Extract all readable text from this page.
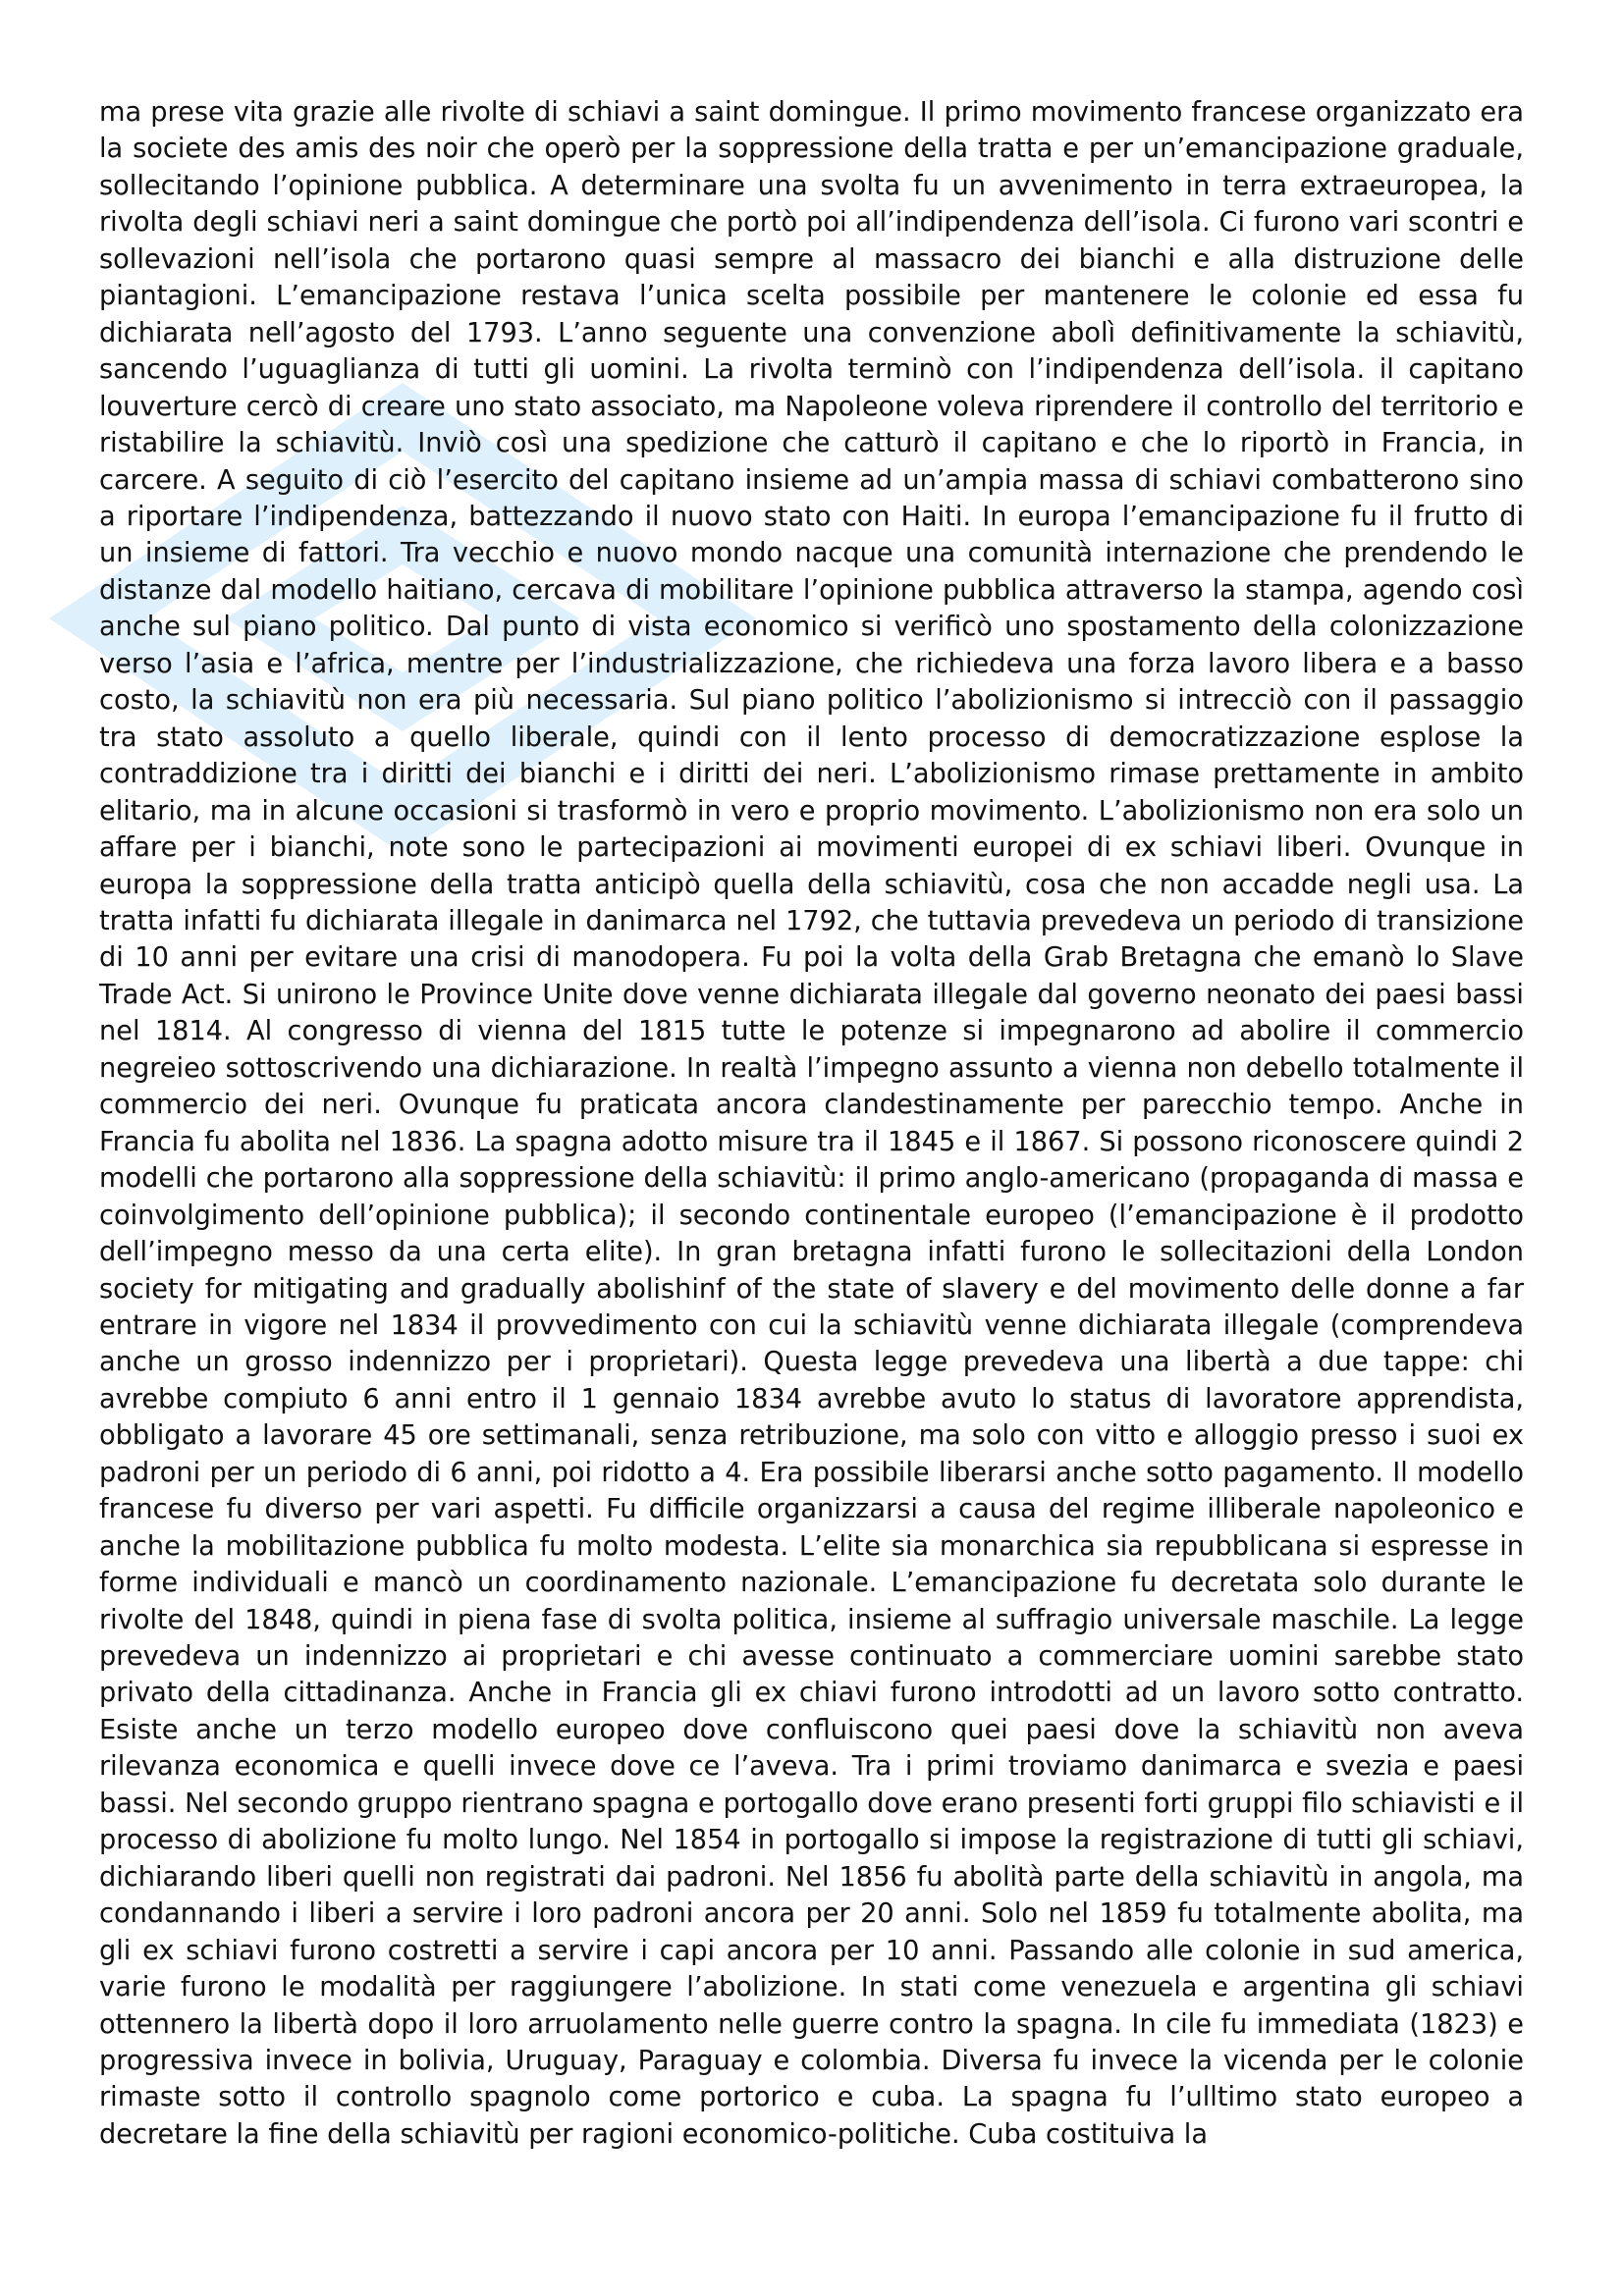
ma prese vita grazie alle rivolte di schiavi a saint domingue. Il primo movimento francese organizzato era la societe des amis des noir che operò per la soppressione della tratta e per un’emancipazione graduale, sollecitando l’opinione pubblica. A determinare una svolta fu un avvenimento in terra extraeuropea, la rivolta degli schiavi neri a saint domingue che portò poi all’indipendenza dell’isola. Ci furono vari scontri e sollevazioni nell’isola che portarono quasi sempre al massacro dei bianchi e alla distruzione delle piantagioni. L’emancipazione restava l’unica scelta possibile per mantenere le colonie ed essa fu dichiarata nell’agosto del 1793. L’anno seguente una convenzione abolì definitivamente la schiavitù, sancendo l’uguaglianza di tutti gli uomini. La rivolta terminò con l’indipendenza dell’isola. il capitano louverture cercò di creare uno stato associato, ma Napoleone voleva riprendere il controllo del territorio e ristabilire la schiavitù. Inviò così una spedizione che catturò il capitano e che lo riportò in Francia, in carcere. A seguito di ciò l’esercito del capitano insieme ad un’ampia massa di schiavi combatterono sino a riportare l’indipendenza, battezzando il nuovo stato con Haiti. In europa l’emancipazione fu il frutto di un insieme di fattori. Tra vecchio e nuovo mondo nacque una comunità internazione che prendendo le distanze dal modello haitiano, cercava di mobilitare l’opinione pubblica attraverso la stampa, agendo così anche sul piano politico. Dal punto di vista economico si verificò uno spostamento della colonizzazione verso l’asia e l’africa, mentre per l’industrializzazione, che richiedeva una forza lavoro libera e a basso costo, la schiavitù non era più necessaria. Sul piano politico l’abolizionismo si intrecciò con il passaggio tra stato assoluto a quello liberale, quindi con il lento processo di democratizzazione esplose la contraddizione tra i diritti dei bianchi e i diritti dei neri. L’abolizionismo rimase prettamente in ambito elitario, ma in alcune occasioni si trasformò in vero e proprio movimento. L’abolizionismo non era solo un affare per i bianchi, note sono le partecipazioni ai movimenti europei di ex schiavi liberi. Ovunque in europa la soppressione della tratta anticipò quella della schiavitù, cosa che non accadde negli usa. La tratta infatti fu dichiarata illegale in danimarca nel 1792, che tuttavia prevedeva un periodo di transizione di 10 anni per evitare una crisi di manodopera. Fu poi la volta della Grab Bretagna che emanò lo Slave Trade Act. Si unirono le Province Unite dove venne dichiarata illegale dal governo neonato dei paesi bassi nel 1814. Al congresso di vienna del 1815 tutte le potenze si impegnarono ad abolire il commercio negreieo sottoscrivendo una dichiarazione. In realtà l’impegno assunto a vienna non debello totalmente il commercio dei neri. Ovunque fu praticata ancora clandestinamente per parecchio tempo. Anche in Francia fu abolita nel 1836. La spagna adotto misure tra il 1845 e il 1867. Si possono riconoscere quindi 2 modelli che portarono alla soppressione della schiavitù: il primo anglo-americano (propaganda di massa e coinvolgimento dell’opinione pubblica); il secondo continentale europeo (l’emancipazione è il prodotto dell’impegno messo da una certa elite). In gran bretagna infatti furono le sollecitazioni della London society for mitigating and gradually abolishinf of the state of slavery e del movimento delle donne a far entrare in vigore nel 1834 il provvedimento con cui la schiavitù venne dichiarata illegale (comprendeva anche un grosso indennizzo per i proprietari). Questa legge prevedeva una libertà a due tappe: chi avrebbe compiuto 6 anni entro il 1 gennaio 1834 avrebbe avuto lo status di lavoratore apprendista, obbligato a lavorare 45 ore settimanali, senza retribuzione, ma solo con vitto e alloggio presso i suoi ex padroni per un periodo di 6 anni, poi ridotto a 4. Era possibile liberarsi anche sotto pagamento. Il modello francese fu diverso per vari aspetti. Fu difficile organizzarsi a causa del regime illiberale napoleonico e anche la mobilitazione pubblica fu molto modesta. L’elite sia monarchica sia repubblicana si espresse in forme individuali e mancò un coordinamento nazionale. L’emancipazione fu decretata solo durante le rivolte del 1848, quindi in piena fase di svolta politica, insieme al suffragio universale maschile. La legge prevedeva un indennizzo ai proprietari e chi avesse continuato a commerciare uomini sarebbe stato privato della cittadinanza. Anche in Francia gli ex chiavi furono introdotti ad un lavoro sotto contratto. Esiste anche un terzo modello europeo dove confluiscono quei paesi dove la schiavitù non aveva rilevanza economica e quelli invece dove ce l’aveva. Tra i primi troviamo danimarca e svezia e paesi bassi. Nel secondo gruppo rientrano spagna e portogallo dove erano presenti forti gruppi filo schiavisti e il processo di abolizione fu molto lungo. Nel 1854 in portogallo si impose la registrazione di tutti gli schiavi, dichiarando liberi quelli non registrati dai padroni. Nel 1856 fu abolità parte della schiavitù in angola, ma condannando i liberi a servire i loro padroni ancora per 20 anni. Solo nel 1859 fu totalmente abolita, ma gli ex schiavi furono costretti a servire i capi ancora per 10 anni. Passando alle colonie in sud america, varie furono le modalità per raggiungere l’abolizione. In stati come venezuela e argentina gli schiavi ottennero la libertà dopo il loro arruolamento nelle guerre contro la spagna. In cile fu immediata (1823) e progressiva invece in bolivia, Uruguay, Paraguay e colombia. Diversa fu invece la vicenda per le colonie rimaste sotto il controllo spagnolo come portorico e cuba. La spagna fu l’ulltimo stato europeo a decretare la fine della schiavitù per ragioni economico-politiche. Cuba costituiva la
